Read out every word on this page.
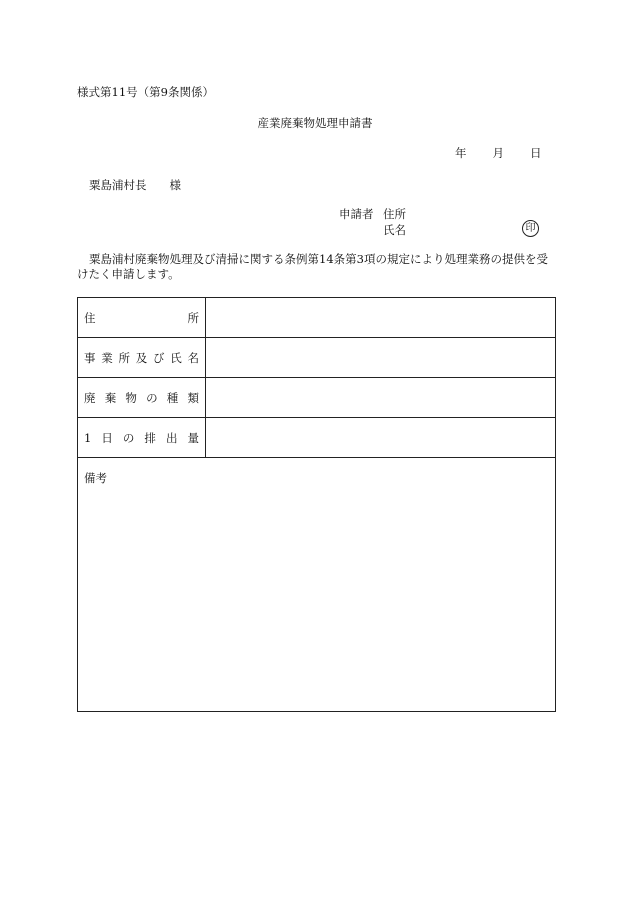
様式第11号（第9条関係）
産業廃棄物処理申請書
年 月 日
粟島浦村長　　様
申請者 住所
氏名	印
粟島浦村廃棄物処理及び清掃に関する条例第14条第3項の規定により処理業務の提供を受けたく申請します。
住	所
事 業 所 及 び 氏 名
廃 棄 物 の 種 類
1 日 の 排 出 量
備考
